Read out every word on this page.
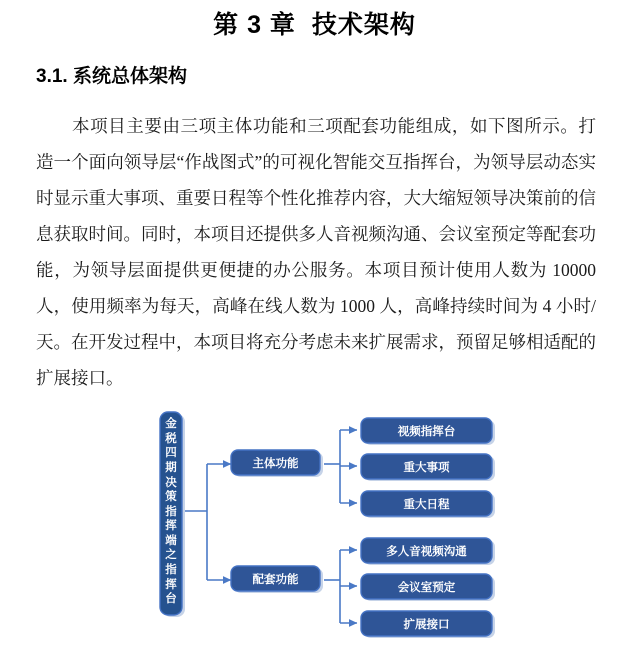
第 3 章  技术架构
3.1. 系统总体架构
本项目主要由三项主体功能和三项配套功能组成，如下图所示。打造一个面向领导层“作战图式”的可视化智能交互指挥台，为领导层动态实时显示重大事项、重要日程等个性化推荐内容，大大缩短领导决策前的信息获取时间。同时，本项目还提供多人音视频沟通、会议室预定等配套功能，为领导层面提供更便捷的办公服务。本项目预计使用人数为 10000 人，使用频率为每天，高峰在线人数为 1000 人，高峰持续时间为 4 小时/天。在开发过程中，本项目将充分考虑未来扩展需求，预留足够相适配的扩展接口。
主体功能
配套功能
视频指挥台
重大事项
重大日程
多人音视频沟通
会议室预定
扩展接口
金
税
四
期
决
策
指
挥
端
之
指
挥
台
